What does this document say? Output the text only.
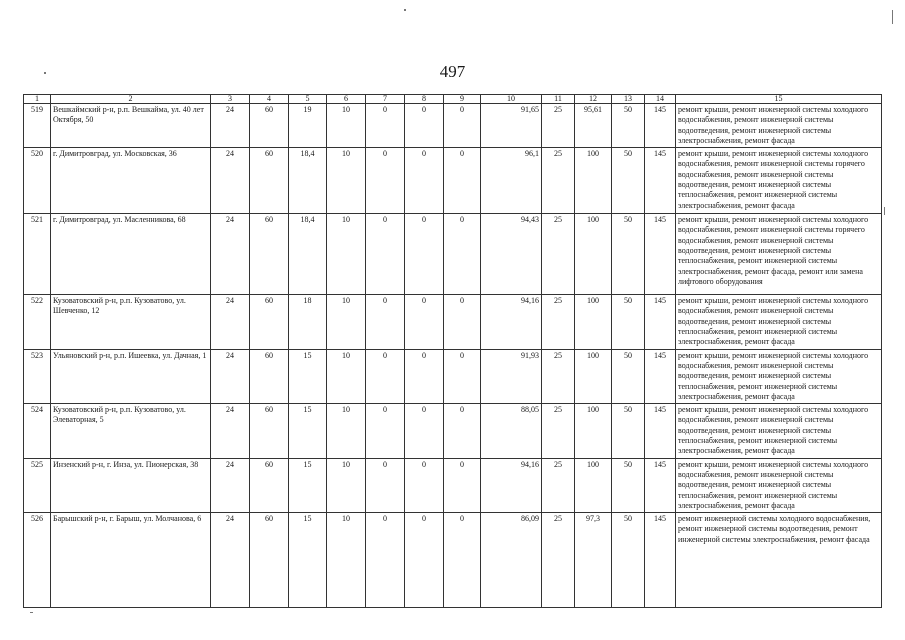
497
1	2	3	4	5	6	7	8	9	10	11	12	13	14	15
519	Вешкаймский р-н, р.п. Вешкайма, ул. 40 лет Октября, 50	24	60	19	10	0	0	0	91,65	25	95,61	50	145	ремонт крыши, ремонт инженерной системы холодного водоснабжения, ремонт инженерной системы водоотведения, ремонт инженерной системы электроснабжения, ремонт фасада
520	г. Димитровград, ул. Московская, 36	24	60	18,4	10	0	0	0	96,1	25	100	50	145	ремонт крыши, ремонт инженерной системы холодного водоснабжения, ремонт инженерной системы горячего водоснабжения, ремонт инженерной системы водоотведения, ремонт инженерной системы теплоснабжения, ремонт инженерной системы электроснабжения, ремонт фасада
521	г. Димитровград, ул. Масленникова, 68	24	60	18,4	10	0	0	0	94,43	25	100	50	145	ремонт крыши, ремонт инженерной системы холодного водоснабжения, ремонт инженерной системы горячего водоснабжения, ремонт инженерной системы водоотведения, ремонт инженерной системы теплоснабжения, ремонт инженерной системы электроснабжения, ремонт фасада, ремонт или замена лифтового оборудования
522	Кузоватовский р-н, р.п. Кузоватово, ул. Шевченко, 12	24	60	18	10	0	0	0	94,16	25	100	50	145	ремонт крыши, ремонт инженерной системы холодного водоснабжения, ремонт инженерной системы водоотведения, ремонт инженерной системы теплоснабжения, ремонт инженерной системы электроснабжения, ремонт фасада
523	Ульяновский р-н, р.п. Ишеевка, ул. Дачная, 1	24	60	15	10	0	0	0	91,93	25	100	50	145	ремонт крыши, ремонт инженерной системы холодного водоснабжения, ремонт инженерной системы водоотведения, ремонт инженерной системы теплоснабжения, ремонт инженерной системы электроснабжения, ремонт фасада
524	Кузоватовский р-н, р.п. Кузоватово, ул. Элеваторная, 5	24	60	15	10	0	0	0	88,05	25	100	50	145	ремонт крыши, ремонт инженерной системы холодного водоснабжения, ремонт инженерной системы водоотведения, ремонт инженерной системы теплоснабжения, ремонт инженерной системы электроснабжения, ремонт фасада
525	Инзенский р-н, г. Инза, ул. Пионерская, 38	24	60	15	10	0	0	0	94,16	25	100	50	145	ремонт крыши, ремонт инженерной системы холодного водоснабжения, ремонт инженерной системы водоотведения, ремонт инженерной системы теплоснабжения, ремонт инженерной системы электроснабжения, ремонт фасада
526	Барышский р-н, г. Барыш, ул. Молчанова, 6	24	60	15	10	0	0	0	86,09	25	97,3	50	145	ремонт инженерной системы холодного водоснабжения, ремонт инженерной системы водоотведения, ремонт инженерной системы электроснабжения, ремонт фасада
